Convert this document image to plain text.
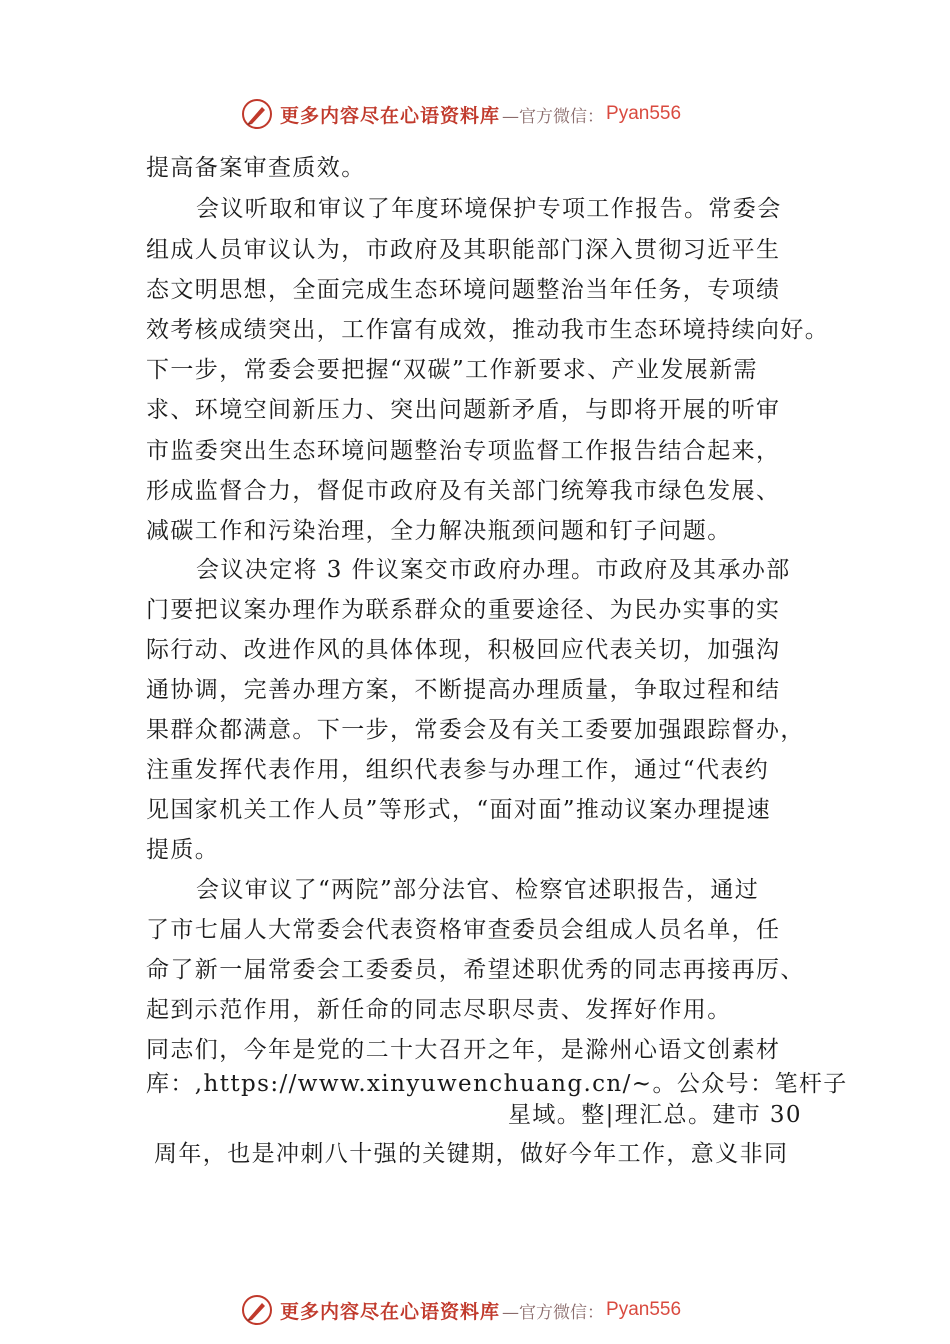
更多内容尽在心语资料库 —官方微信： Pyan556
提高备案审查质效。
会议听取和审议了年度环境保护专项工作报告。常委会
组成人员审议认为，市政府及其职能部门深入贯彻习近平生
态文明思想，全面完成生态环境问题整治当年任务，专项绩
效考核成绩突出，工作富有成效，推动我市生态环境持续向好。
下一步，常委会要把握“双碳”工作新要求、产业发展新需
求、环境空间新压力、突出问题新矛盾，与即将开展的听审
市监委突出生态环境问题整治专项监督工作报告结合起来，
形成监督合力，督促市政府及有关部门统筹我市绿色发展、
减碳工作和污染治理，全力解决瓶颈问题和钉子问题。
会议决定将 3 件议案交市政府办理。市政府及其承办部
门要把议案办理作为联系群众的重要途径、为民办实事的实
际行动、改进作风的具体体现，积极回应代表关切，加强沟
通协调，完善办理方案，不断提高办理质量，争取过程和结
果群众都满意。下一步，常委会及有关工委要加强跟踪督办，
注重发挥代表作用，组织代表参与办理工作，通过“代表约
见国家机关工作人员”等形式，“面对面”推动议案办理提速
提质。
会议审议了“两院”部分法官、检察官述职报告，通过
了市七届人大常委会代表资格审查委员会组成人员名单，任
命了新一届常委会工委委员，希望述职优秀的同志再接再厉、
起到示范作用，新任命的同志尽职尽责、发挥好作用。
同志们，今年是党的二十大召开之年，是滁州心语文创素材
库：,https://www.xinyuwenchuang.cn/~。公众号：笔杆子
星域。整|理汇总。建市 30
周年，也是冲刺八十强的关键期，做好今年工作，意义非同
更多内容尽在心语资料库 —官方微信： Pyan556
